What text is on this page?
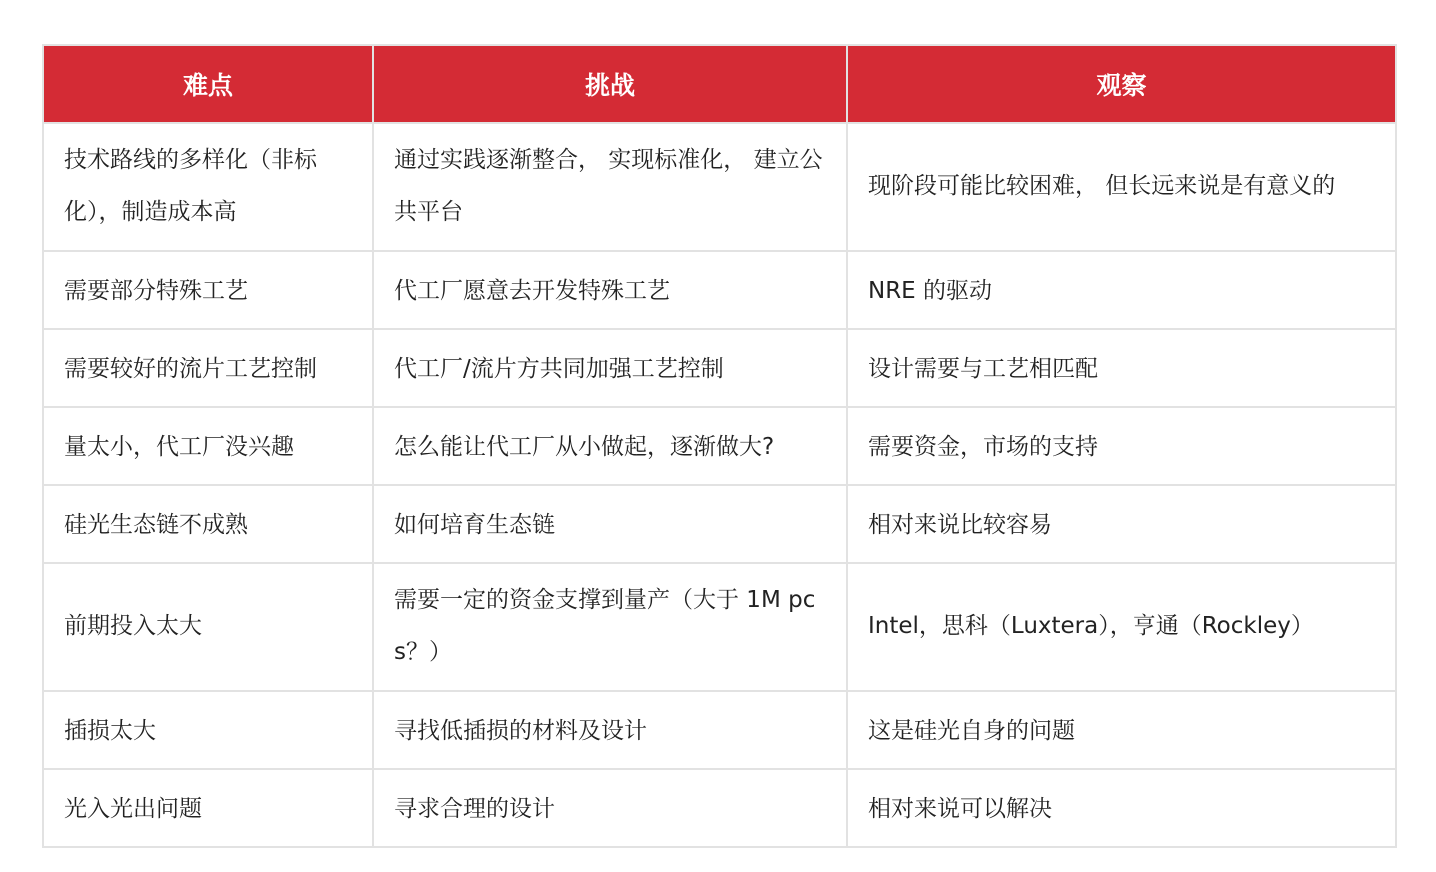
难点	挑战	观察
技术路线的多样化（非标化），制造成本高	通过实践逐渐整合， 实现标准化， 建立公共平台	现阶段可能比较困难， 但长远来说是有意义的
需要部分特殊工艺	代工厂愿意去开发特殊工艺	NRE 的驱动
需要较好的流片工艺控制	代工厂/流片方共同加强工艺控制	设计需要与工艺相匹配
量太小，代工厂没兴趣	怎么能让代工厂从小做起，逐渐做大?	需要资金，市场的支持
硅光生态链不成熟	如何培育生态链	相对来说比较容易
前期投入太大	需要一定的资金支撑到量产（大于 1M pcs？）	Intel，思科（Luxtera），亨通（Rockley）
插损太大	寻找低插损的材料及设计	这是硅光自身的问题
光入光出问题	寻求合理的设计	相对来说可以解决
